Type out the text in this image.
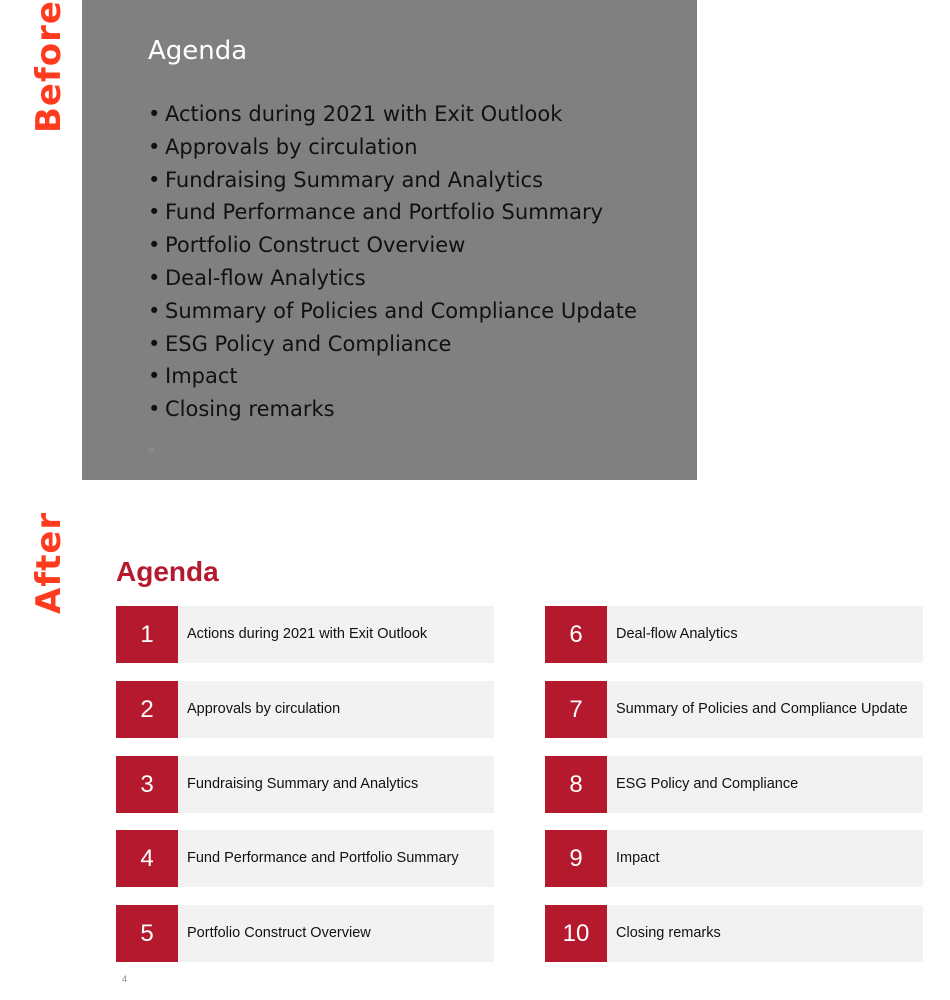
Before
After
Agenda
• Actions during 2021 with Exit Outlook
• Approvals by circulation
• Fundraising Summary and Analytics
• Fund Performance and Portfolio Summary
• Portfolio Construct Overview
• Deal-flow Analytics
• Summary of Policies and Compliance Update
• ESG Policy and Compliance
• Impact
• Closing remarks
Agenda
1	Actions during 2021 with Exit Outlook
2	Approvals by circulation
3	Fundraising Summary and Analytics
4	Fund Performance and Portfolio Summary
5	Portfolio Construct Overview
6	Deal-flow Analytics
7	Summary of Policies and Compliance Update
8	ESG Policy and Compliance
9	Impact
10	Closing remarks
4
